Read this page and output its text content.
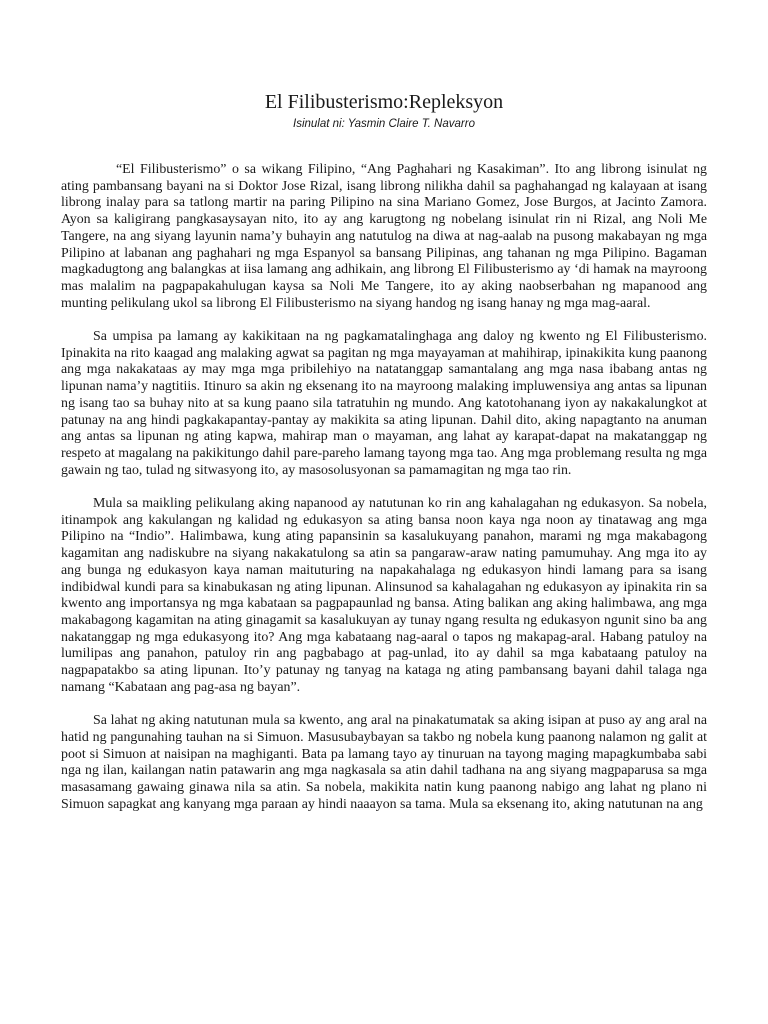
El Filibusterismo:Repleksyon

Isinulat ni: Yasmin Claire T. Navarro

“El Filibusterismo” o sa wikang Filipino, “Ang Paghahari ng Kasakiman”. Ito ang librong isinulat ng ating pambansang bayani na si Doktor Jose Rizal, isang librong nilikha dahil sa paghahangad ng kalayaan at isang librong inalay para sa tatlong martir na paring Pilipino na sina Mariano Gomez, Jose Burgos, at Jacinto Zamora. Ayon sa kaligirang pangkasaysayan nito, ito ay ang karugtong ng nobelang isinulat rin ni Rizal, ang Noli Me Tangere, na ang siyang layunin nama’y buhayin ang natutulog na diwa at nag-aalab na pusong makabayan ng mga Pilipino at labanan ang paghahari ng mga Espanyol sa bansang Pilipinas, ang tahanan ng mga Pilipino. Bagaman magkadugtong ang balangkas at iisa lamang ang adhikain, ang librong El Filibusterismo ay ‘di hamak na mayroong mas malalim na pagpapakahulugan kaysa sa Noli Me Tangere, ito ay aking naobserbahan ng mapanood ang munting pelikulang ukol sa librong El Filibusterismo na siyang handog ng isang hanay ng mga mag-aaral.

Sa umpisa pa lamang ay kakikitaan na ng pagkamatalinghaga ang daloy ng kwento ng El Filibusterismo. Ipinakita na rito kaagad ang malaking agwat sa pagitan ng mga mayayaman at mahihirap, ipinakikita kung paanong ang mga nakakataas ay may mga mga pribilehiyo na natatanggap samantalang ang mga nasa ibabang antas ng lipunan nama’y nagtitiis. Itinuro sa akin ng eksenang ito na mayroong malaking impluwensiya ang antas sa lipunan ng isang tao sa buhay nito at sa kung paano sila tatratuhin ng mundo. Ang katotohanang iyon ay nakakalungkot at patunay na ang hindi pagkakapantay-pantay ay makikita sa ating lipunan. Dahil dito, aking napagtanto na anuman ang antas sa lipunan ng ating kapwa, mahirap man o mayaman, ang lahat ay karapat-dapat na makatanggap ng respeto at magalang na pakikitungo dahil pare-pareho lamang tayong mga tao. Ang mga problemang resulta ng mga gawain ng tao, tulad ng sitwasyong ito, ay masosolusyonan sa pamamagitan ng mga tao rin.

Mula sa maikling pelikulang aking napanood ay natutunan ko rin ang kahalagahan ng edukasyon. Sa nobela, itinampok ang kakulangan ng kalidad ng edukasyon sa ating bansa noon kaya nga noon ay tinatawag ang mga Pilipino na “Indio”. Halimbawa, kung ating papansinin sa kasalukuyang panahon, marami ng mga makabagong kagamitan ang nadiskubre na siyang nakakatulong sa atin sa pangaraw-araw nating pamumuhay. Ang mga ito ay ang bunga ng edukasyon kaya naman maituturing na napakahalaga ng edukasyon hindi lamang para sa isang indibidwal kundi para sa kinabukasan ng ating lipunan. Alinsunod sa kahalagahan ng edukasyon ay ipinakita rin sa kwento ang importansya ng mga kabataan sa pagpapaunlad ng bansa. Ating balikan ang aking halimbawa, ang mga makabagong kagamitan na ating ginagamit sa kasalukuyan ay tunay ngang resulta ng edukasyon ngunit sino ba ang nakatanggap ng mga edukasyong ito? Ang mga kabataang nag-aaral o tapos ng makapag-aral. Habang patuloy na lumilipas ang panahon, patuloy rin ang pagbabago at pag-unlad, ito ay dahil sa mga kabataang patuloy na nagpapatakbo sa ating lipunan. Ito’y patunay ng tanyag na kataga ng ating pambansang bayani dahil talaga nga namang “Kabataan ang pag-asa ng bayan”.

Sa lahat ng aking natutunan mula sa kwento, ang aral na pinakatumatak sa aking isipan at puso ay ang aral na hatid ng pangunahing tauhan na si Simuon. Masusubaybayan sa takbo ng nobela kung paanong nalamon ng galit at poot si Simuon at naisipan na maghiganti. Bata pa lamang tayo ay tinuruan na tayong maging mapagkumbaba sabi nga ng ilan, kailangan natin patawarin ang mga nagkasala sa atin dahil tadhana na ang siyang magpaparusa sa mga masasamang gawaing ginawa nila sa atin. Sa nobela, makikita natin kung paanong nabigo ang lahat ng plano ni Simuon sapagkat ang kanyang mga paraan ay hindi naaayon sa tama. Mula sa eksenang ito, aking natutunan na ang
